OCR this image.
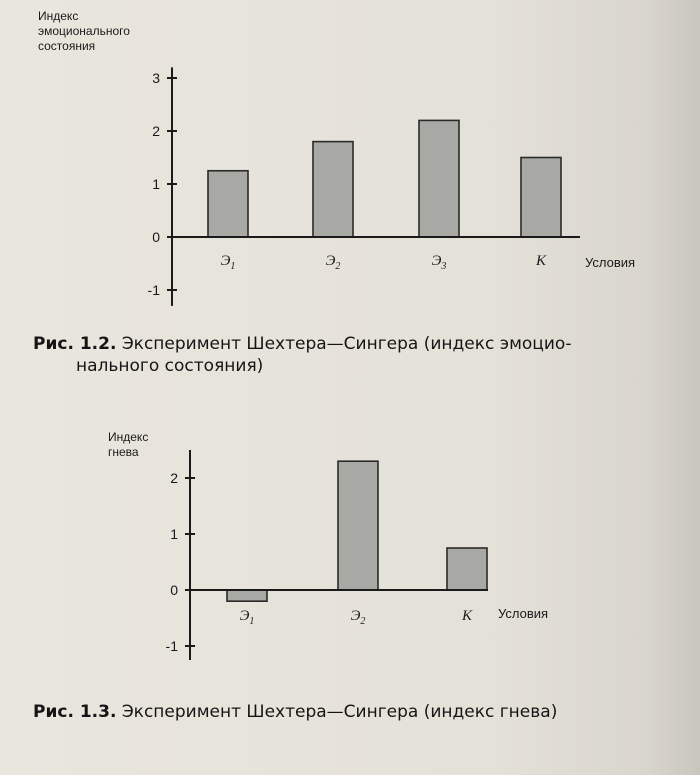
Индекс
эмоционального
состояния
3
2
1
0
-1
$Э_1$	$Э_2$	$Э_3$	К	Условия
Рис. 1.2. Эксперимент Шехтера—Сингера (индекс эмоцио-
нального состояния)
Индекс
гнева
2
1
0
-1
$Э_1$	$Э_2$	К Условия
Рис. 1.3. Эксперимент Шехтера—Сингера (индекс гнева)
